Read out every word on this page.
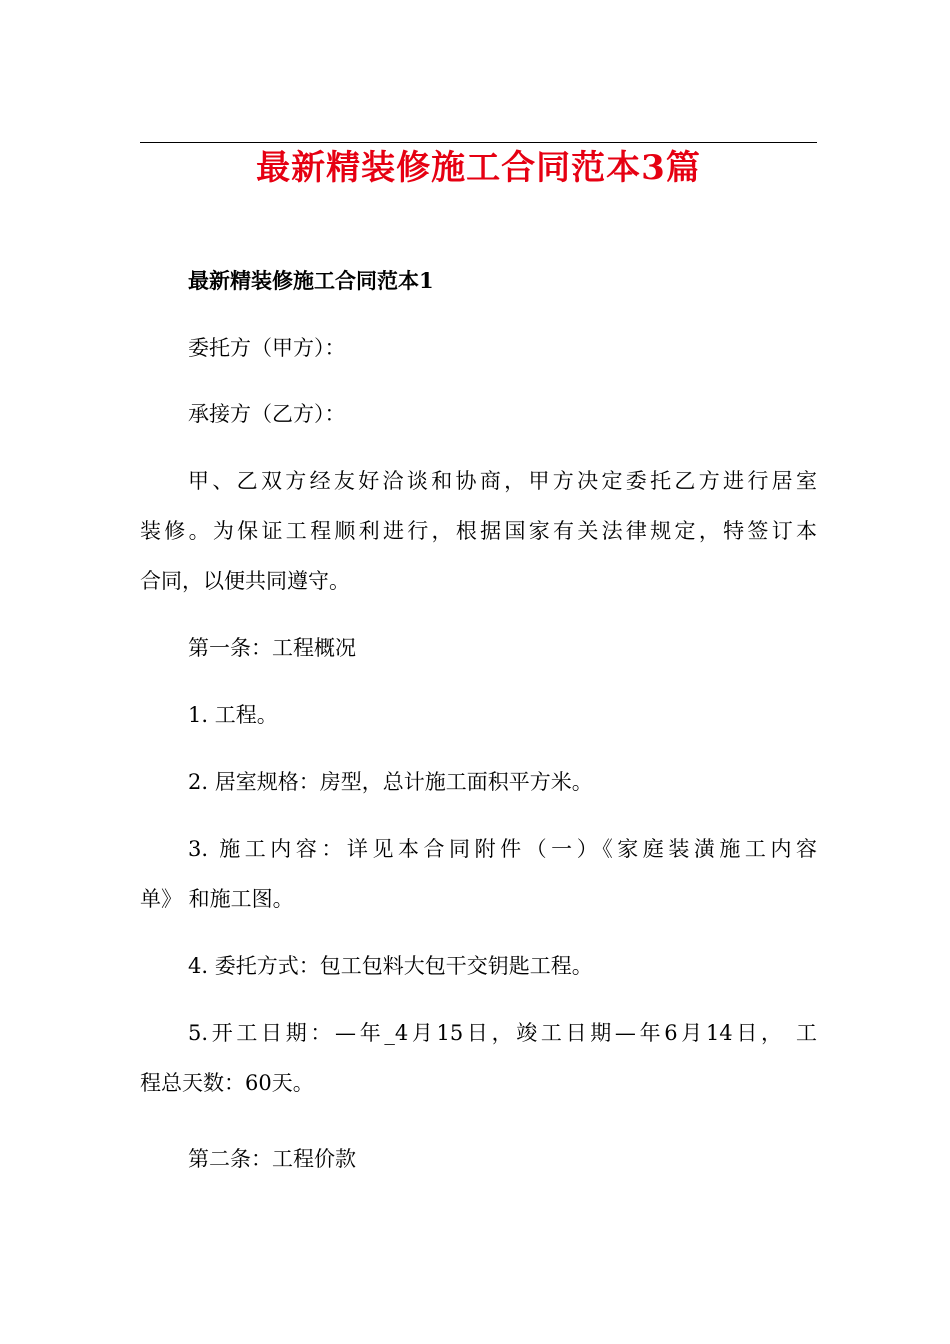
最新精装修施工合同范本3篇

最新精装修施工合同范本1

委托方（甲方）：

承接方（乙方）：

甲、乙双方经友好洽谈和协商，甲方决定委托乙方进行居室
装修。为保证工程顺利进行，根据国家有关法律规定，特签订本
合同，以便共同遵守。

第一条：工程概况

1. 工程。

2. 居室规格：房型，总计施工面积平方米。

3. 施工内容：详见本合同附件（一）《家庭装潢施工内容
单》 和施工图。

4. 委托方式：包工包料大包干交钥匙工程。

5.开工日期：—年_4月15日，竣工日期—年6月14日， 工
程总天数：60天。

第二条：工程价款
